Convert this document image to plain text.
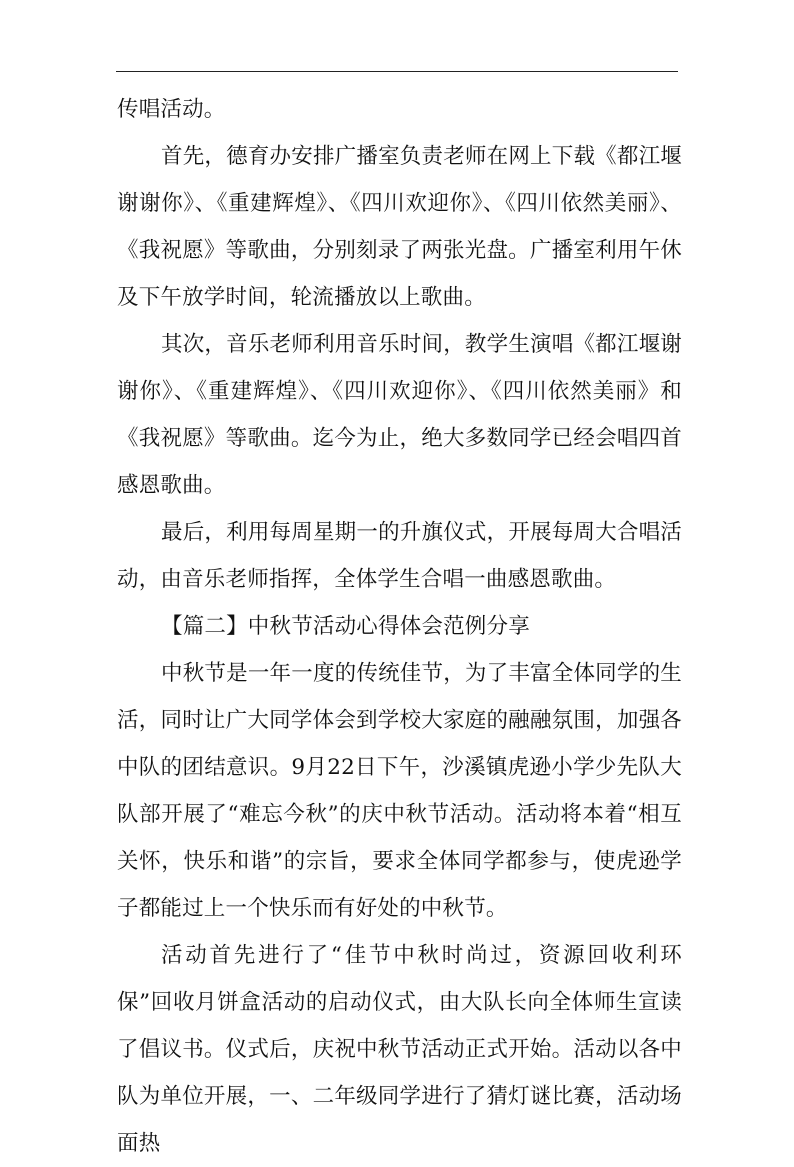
传唱活动。

首先，德育办安排广播室负责老师在网上下载《都江堰谢谢你》、《重建辉煌》、《四川欢迎你》、《四川依然美丽》、《我祝愿》等歌曲，分别刻录了两张光盘。广播室利用午休及下午放学时间，轮流播放以上歌曲。

其次，音乐老师利用音乐时间，教学生演唱《都江堰谢谢你》、《重建辉煌》、《四川欢迎你》、《四川依然美丽》和《我祝愿》等歌曲。迄今为止，绝大多数同学已经会唱四首感恩歌曲。

最后，利用每周星期一的升旗仪式，开展每周大合唱活动，由音乐老师指挥，全体学生合唱一曲感恩歌曲。

【篇二】中秋节活动心得体会范例分享

中秋节是一年一度的传统佳节，为了丰富全体同学的生活，同时让广大同学体会到学校大家庭的融融氛围，加强各中队的团结意识。9月22日下午，沙溪镇虎逊小学少先队大队部开展了“难忘今秋”的庆中秋节活动。活动将本着“相互关怀，快乐和谐”的宗旨，要求全体同学都参与，使虎逊学子都能过上一个快乐而有好处的中秋节。

活动首先进行了“佳节中秋时尚过，资源回收利环保”回收月饼盒活动的启动仪式，由大队长向全体师生宣读了倡议书。仪式后，庆祝中秋节活动正式开始。活动以各中队为单位开展，一、二年级同学进行了猜灯谜比赛，活动场面热
